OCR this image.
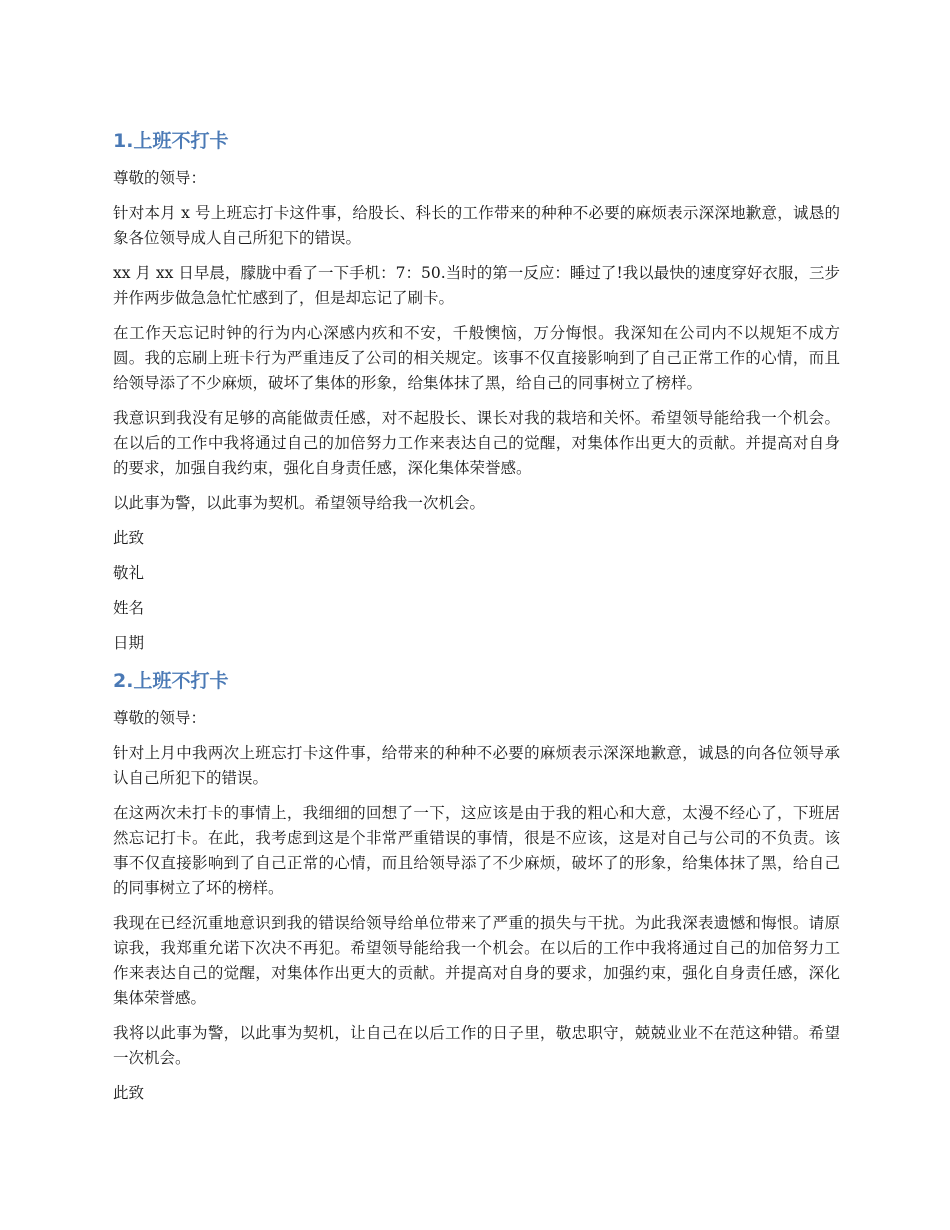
1.上班不打卡

尊敬的领导：

针对本月 x 号上班忘打卡这件事，给股长、科长的工作带来的种种不必要的麻烦表示深深地歉意，诚恳的象各位领导成人自己所犯下的错误。

xx 月 xx 日早晨，朦胧中看了一下手机：7：50.当时的第一反应：睡过了!我以最快的速度穿好衣服，三步并作两步做急急忙忙感到了，但是却忘记了刷卡。

在工作天忘记时钟的行为内心深感内疚和不安，千般懊恼，万分悔恨。我深知在公司内不以规矩不成方圆。我的忘刷上班卡行为严重违反了公司的相关规定。该事不仅直接影响到了自己正常工作的心情，而且给领导添了不少麻烦，破坏了集体的形象，给集体抹了黑，给自己的同事树立了榜样。

我意识到我没有足够的高能做责任感，对不起股长、课长对我的栽培和关怀。希望领导能给我一个机会。在以后的工作中我将通过自己的加倍努力工作来表达自己的觉醒，对集体作出更大的贡献。并提高对自身的要求，加强自我约束，强化自身责任感，深化集体荣誉感。

以此事为警，以此事为契机。希望领导给我一次机会。

此致

敬礼

姓名

日期

2.上班不打卡

尊敬的领导：

针对上月中我两次上班忘打卡这件事，给带来的种种不必要的麻烦表示深深地歉意，诚恳的向各位领导承认自己所犯下的错误。

在这两次未打卡的事情上，我细细的回想了一下，这应该是由于我的粗心和大意，太漫不经心了，下班居然忘记打卡。在此，我考虑到这是个非常严重错误的事情，很是不应该，这是对自己与公司的不负责。该事不仅直接影响到了自己正常的心情，而且给领导添了不少麻烦，破坏了的形象，给集体抹了黑，给自己的同事树立了坏的榜样。

我现在已经沉重地意识到我的错误给领导给单位带来了严重的损失与干扰。为此我深表遗憾和悔恨。请原谅我，我郑重允诺下次决不再犯。希望领导能给我一个机会。在以后的工作中我将通过自己的加倍努力工作来表达自己的觉醒，对集体作出更大的贡献。并提高对自身的要求，加强约束，强化自身责任感，深化集体荣誉感。

我将以此事为警，以此事为契机，让自己在以后工作的日子里，敬忠职守，兢兢业业不在范这种错。希望一次机会。

此致
